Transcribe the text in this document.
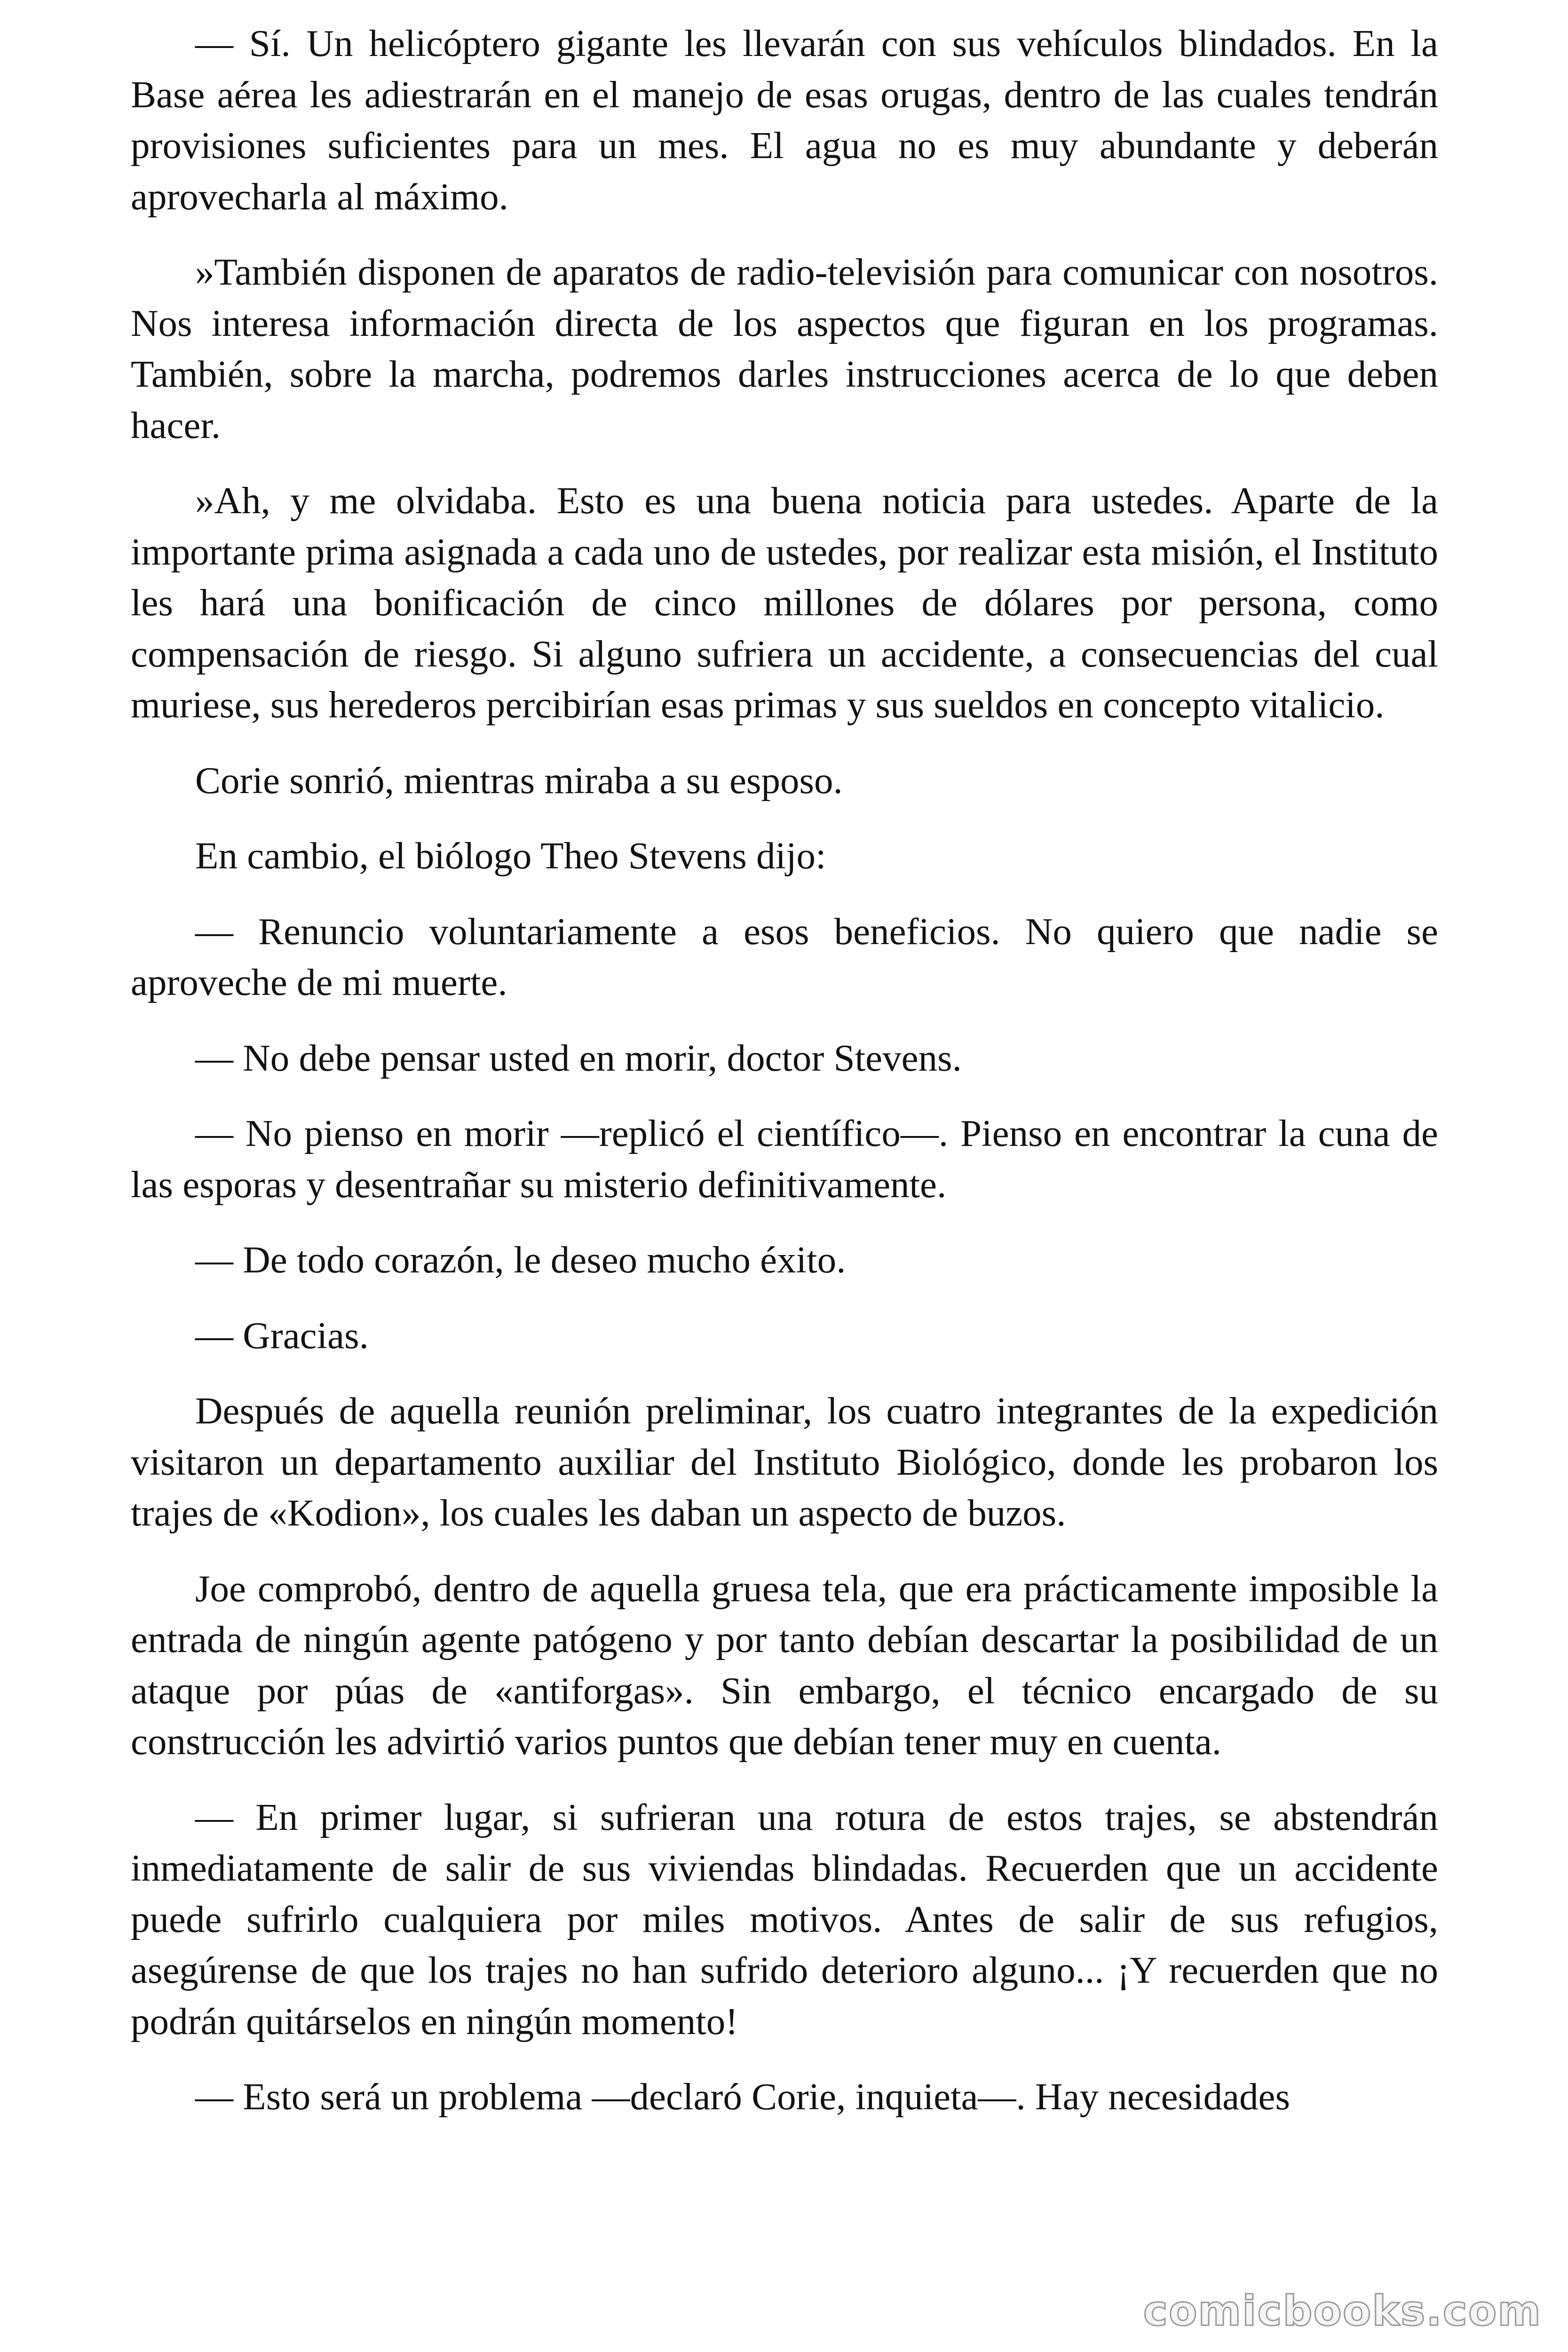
— Sí. Un helicóptero gigante les llevarán con sus vehículos blindados. En la Base aérea les adiestrarán en el manejo de esas orugas, dentro de las cuales tendrán provisiones suficientes para un mes. El agua no es muy abundante y deberán aprovecharla al máximo.

»También disponen de aparatos de radio-televisión para comunicar con nosotros. Nos interesa información directa de los aspectos que figuran en los programas. También, sobre la marcha, podremos darles instrucciones acerca de lo que deben hacer.

»Ah, y me olvidaba. Esto es una buena noticia para ustedes. Aparte de la importante prima asignada a cada uno de ustedes, por realizar esta misión, el Instituto les hará una bonificación de cinco millones de dólares por persona, como compensación de riesgo. Si alguno sufriera un accidente, a consecuencias del cual muriese, sus herederos percibirían esas primas y sus sueldos en concepto vitalicio.

Corie sonrió, mientras miraba a su esposo.

En cambio, el biólogo Theo Stevens dijo:

— Renuncio voluntariamente a esos beneficios. No quiero que nadie se aproveche de mi muerte.

— No debe pensar usted en morir, doctor Stevens.

— No pienso en morir —replicó el científico—. Pienso en encontrar la cuna de las esporas y desentrañar su misterio definitivamente.

— De todo corazón, le deseo mucho éxito.

— Gracias.

Después de aquella reunión preliminar, los cuatro integrantes de la expedición visitaron un departamento auxiliar del Instituto Biológico, donde les probaron los trajes de «Kodion», los cuales les daban un aspecto de buzos.

Joe comprobó, dentro de aquella gruesa tela, que era prácticamente imposible la entrada de ningún agente patógeno y por tanto debían descartar la posibilidad de un ataque por púas de «antiforgas». Sin embargo, el técnico encargado de su construcción les advirtió varios puntos que debían tener muy en cuenta.

— En primer lugar, si sufrieran una rotura de estos trajes, se abstendrán inmediatamente de salir de sus viviendas blindadas. Recuerden que un accidente puede sufrirlo cualquiera por miles motivos. Antes de salir de sus refugios, asegúrense de que los trajes no han sufrido deterioro alguno... ¡Y recuerden que no podrán quitárselos en ningún momento!

— Esto será un problema —declaró Corie, inquieta—. Hay necesidades

comicbooks.com
